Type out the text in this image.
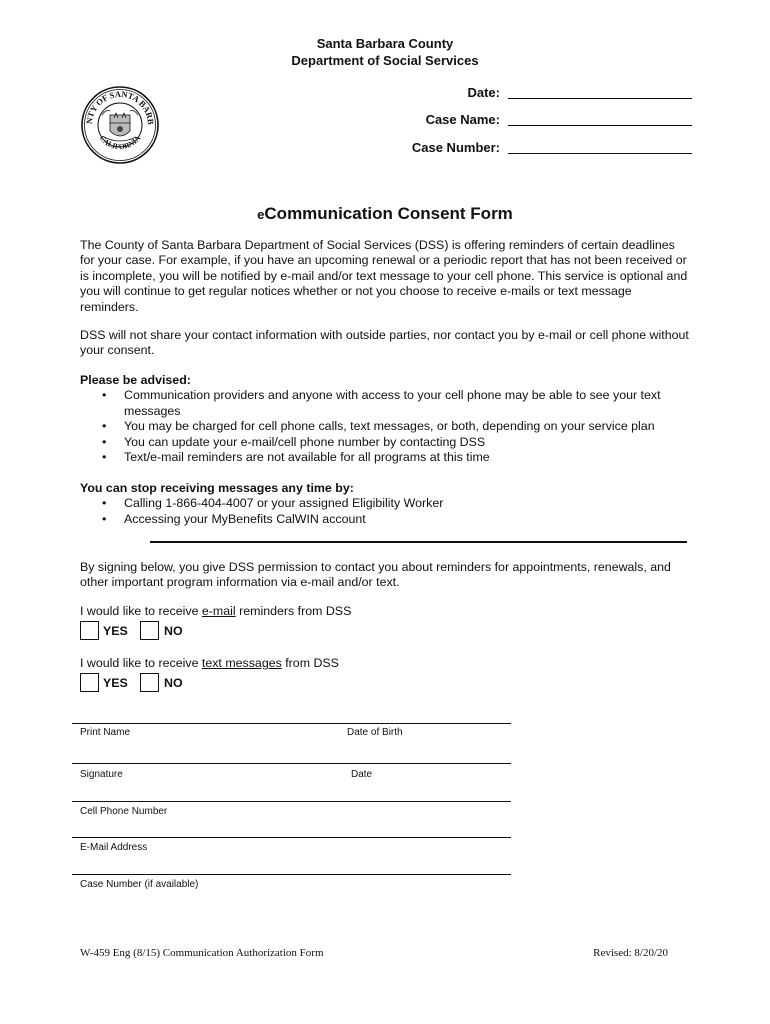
Santa Barbara County
Department of Social Services
NTY OF SANTA BARB
CALIFORNIA
Date:
Case Name:
Case Number:
eCommunication Consent Form
The County of Santa Barbara Department of Social Services (DSS) is offering reminders of certain deadlines for your case. For example, if you have an upcoming renewal or a periodic report that has not been received or is incomplete, you will be notified by e-mail and/or text message to your cell phone. This service is optional and you will continue to get regular notices whether or not you choose to receive e-mails or text message reminders.
DSS will not share your contact information with outside parties, nor contact you by e-mail or cell phone without your consent.
Please be advised:
• Communication providers and anyone with access to your cell phone may be able to see your text messages
• You may be charged for cell phone calls, text messages, or both, depending on your service plan
• You can update your e-mail/cell phone number by contacting DSS
• Text/e-mail reminders are not available for all programs at this time
You can stop receiving messages any time by:
• Calling 1-866-404-4007 or your assigned Eligibility Worker
• Accessing your MyBenefits CalWIN account
By signing below, you give DSS permission to contact you about reminders for appointments, renewals, and other important program information via e-mail and/or text.
I would like to receive e-mail reminders from DSS
YES	NO
I would like to receive text messages from DSS
YES	NO
Print Name	Date of Birth
Signature	Date
Cell Phone Number
E-Mail Address
Case Number (if available)
W-459 Eng (8/15) Communication Authorization Form	Revised: 8/20/20
